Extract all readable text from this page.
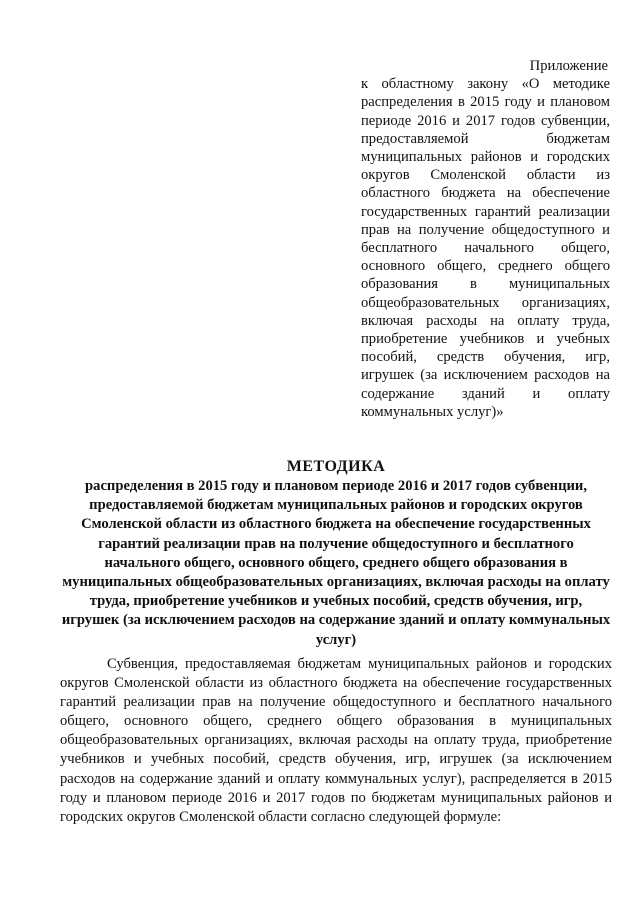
Приложение
к областному закону «О методике распределения в 2015 году и плановом периоде 2016 и 2017 годов субвенции, предоставляемой бюджетам муниципальных районов и городских округов Смоленской области из областного бюджета на обеспечение государственных гарантий реализации прав на получение общедоступного и бесплатного начального общего, основного общего, среднего общего образования в муниципальных общеобразовательных организациях, включая расходы на оплату труда, приобретение учебников и учебных пособий, средств обучения, игр, игрушек (за исключением расходов на содержание зданий и оплату коммунальных услуг)»
МЕТОДИКА
распределения в 2015 году и плановом периоде 2016 и 2017 годов субвенции, предоставляемой бюджетам муниципальных районов и городских округов Смоленской области из областного бюджета на обеспечение государственных гарантий реализации прав на получение общедоступного и бесплатного начального общего, основного общего, среднего общего образования в муниципальных общеобразовательных организациях, включая расходы на оплату труда, приобретение учебников и учебных пособий, средств обучения, игр, игрушек (за исключением расходов на содержание зданий и оплату коммунальных услуг)
Субвенция, предоставляемая бюджетам муниципальных районов и городских округов Смоленской области из областного бюджета на обеспечение государственных гарантий реализации прав на получение общедоступного и бесплатного начального общего, основного общего, среднего общего образования в муниципальных общеобразовательных организациях, включая расходы на оплату труда, приобретение учебников и учебных пособий, средств обучения, игр, игрушек (за исключением расходов на содержание зданий и оплату коммунальных услуг), распределяется в 2015 году и плановом периоде 2016 и 2017 годов по бюджетам муниципальных районов и городских округов Смоленской области согласно следующей формуле:
